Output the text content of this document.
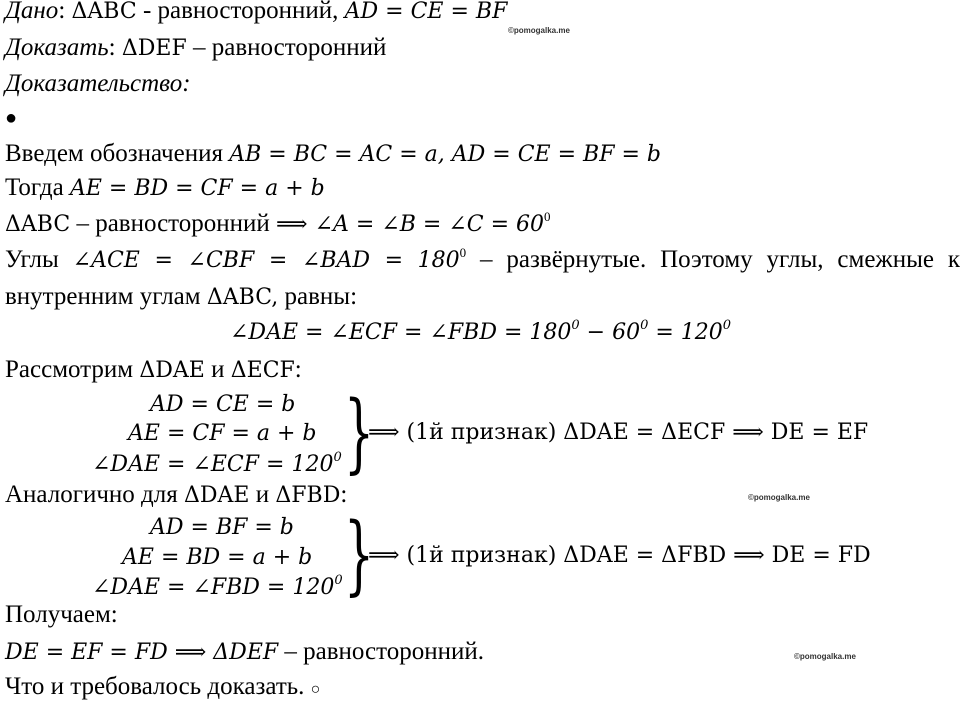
Дано: ΔABC - равносторонний, AD = CE = BF
©pomogalka.me
Доказать: ΔDEF – равносторонний
Доказательство:
●
Введем обозначения AB = BC = AC = a, AD = CE = BF = b
Тогда AE = BD = CF = a + b
ΔABC – равносторонний ⟹ ∠A = ∠B = ∠C = $60^0$
Углы ∠ACE = ∠CBF = ∠BAD = $180^0$ – развёрнутые. Поэтому углы, смежные к
внутренним углам ΔABC, равны:
∠DAE = ∠ECF = ∠FBD = $180^0 - 60^0 = 120^0$
Рассмотрим ΔDAE и ΔECF:
AD = CE = b
AE = CF = a + b
∠DAE = ∠ECF = $120^0$ }
⟹ (1й признак) ΔDAE = ΔECF ⟹ DE = EF
Аналогично для ΔDAE и ΔFBD:	©pomogalka.me
AD = BF = b
AE = BD = a + b
∠DAE = ∠FBD = $120^0$ }
⟹ (1й признак) ΔDAE = ΔFBD ⟹ DE = FD
Получаем:
DE = EF = FD ⟹ ΔDEF – равносторонний.	©pomogalka.me
Что и требовалось доказать. ○
